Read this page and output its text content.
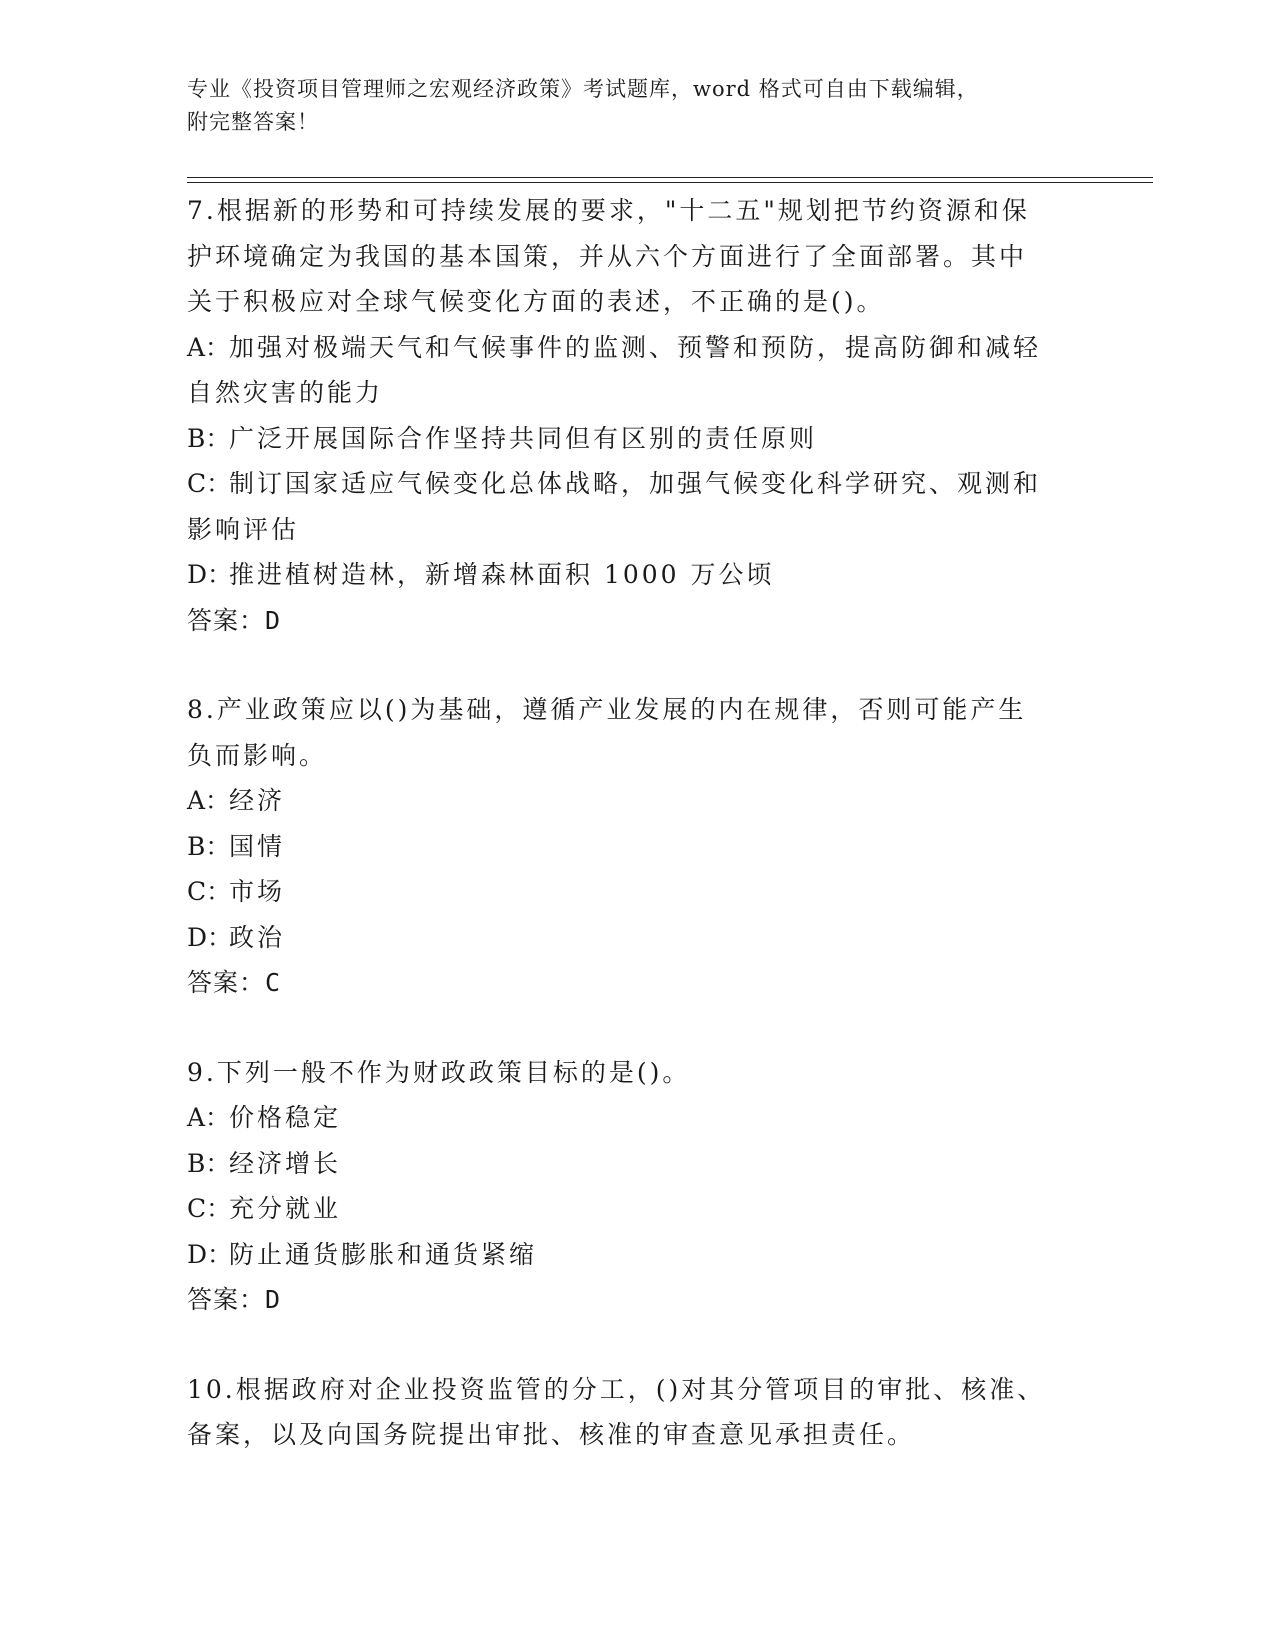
专业《投资项目管理师之宏观经济政策》考试题库，word 格式可自由下载编辑，
附完整答案！
7.根据新的形势和可持续发展的要求，"十二五"规划把节约资源和保
护环境确定为我国的基本国策，并从六个方面进行了全面部署。其中
关于积极应对全球气候变化方面的表述，不正确的是()。
A：加强对极端天气和气候事件的监测、预警和预防，提高防御和减轻
自然灾害的能力
B：广泛开展国际合作坚持共同但有区别的责任原则
C：制订国家适应气候变化总体战略，加强气候变化科学研究、观测和
影响评估
D：推进植树造林，新增森林面积 1000 万公顷
答案：D
8.产业政策应以()为基础，遵循产业发展的内在规律，否则可能产生
负而影响。
A：经济
B：国情
C：市场
D：政治
答案：C
9.下列一般不作为财政政策目标的是()。
A：价格稳定
B：经济增长
C：充分就业
D：防止通货膨胀和通货紧缩
答案：D
10.根据政府对企业投资监管的分工，()对其分管项目的审批、核准、
备案，以及向国务院提出审批、核准的审查意见承担责任。
